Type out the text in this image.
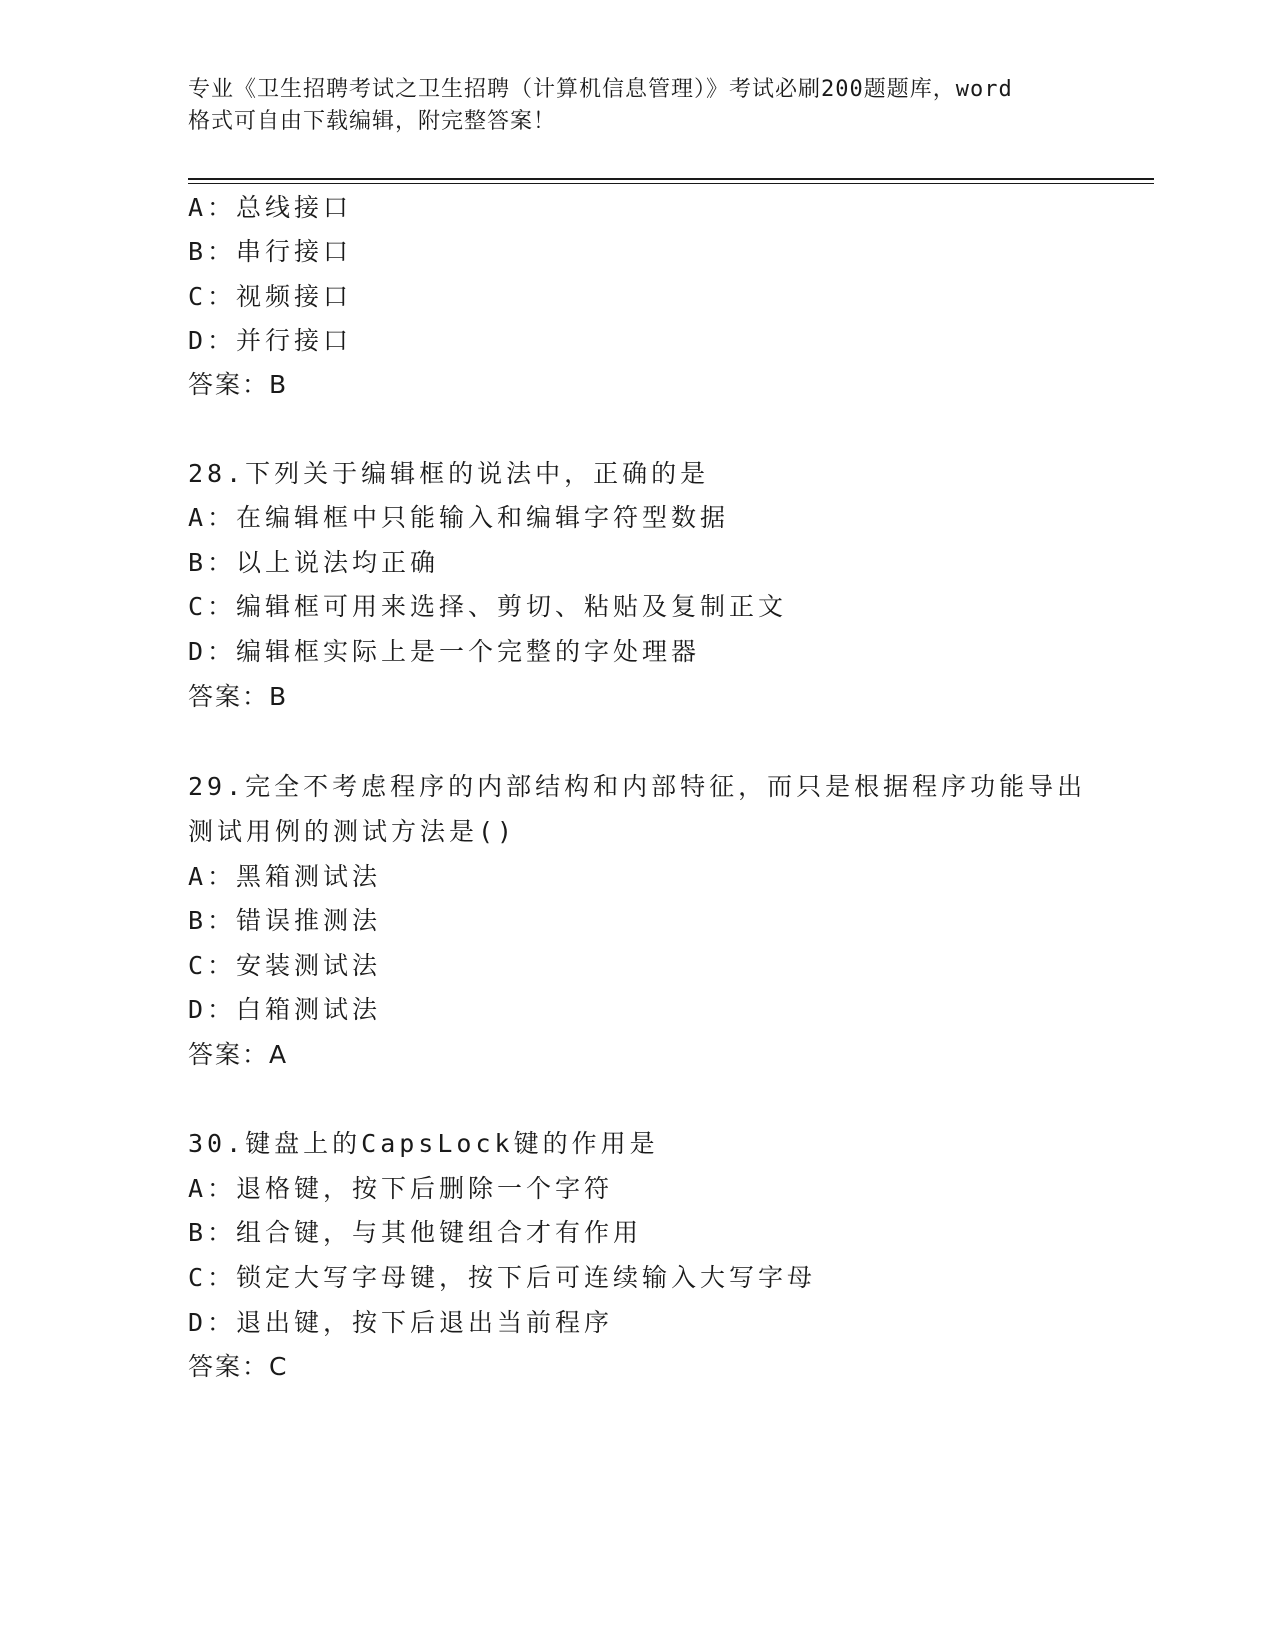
专业《卫生招聘考试之卫生招聘（计算机信息管理）》考试必刷200题题库，word
格式可自由下载编辑，附完整答案！
A：总线接口
B：串行接口
C：视频接口
D：并行接口
答案：B
28.下列关于编辑框的说法中，正确的是
A：在编辑框中只能输入和编辑字符型数据
B：以上说法均正确
C：编辑框可用来选择、剪切、粘贴及复制正文
D：编辑框实际上是一个完整的字处理器
答案：B
29.完全不考虑程序的内部结构和内部特征，而只是根据程序功能导出
测试用例的测试方法是()
A：黑箱测试法
B：错误推测法
C：安装测试法
D：白箱测试法
答案：A
30.键盘上的CapsLock键的作用是
A：退格键，按下后删除一个字符
B：组合键，与其他键组合才有作用
C：锁定大写字母键，按下后可连续输入大写字母
D：退出键，按下后退出当前程序
答案：C
